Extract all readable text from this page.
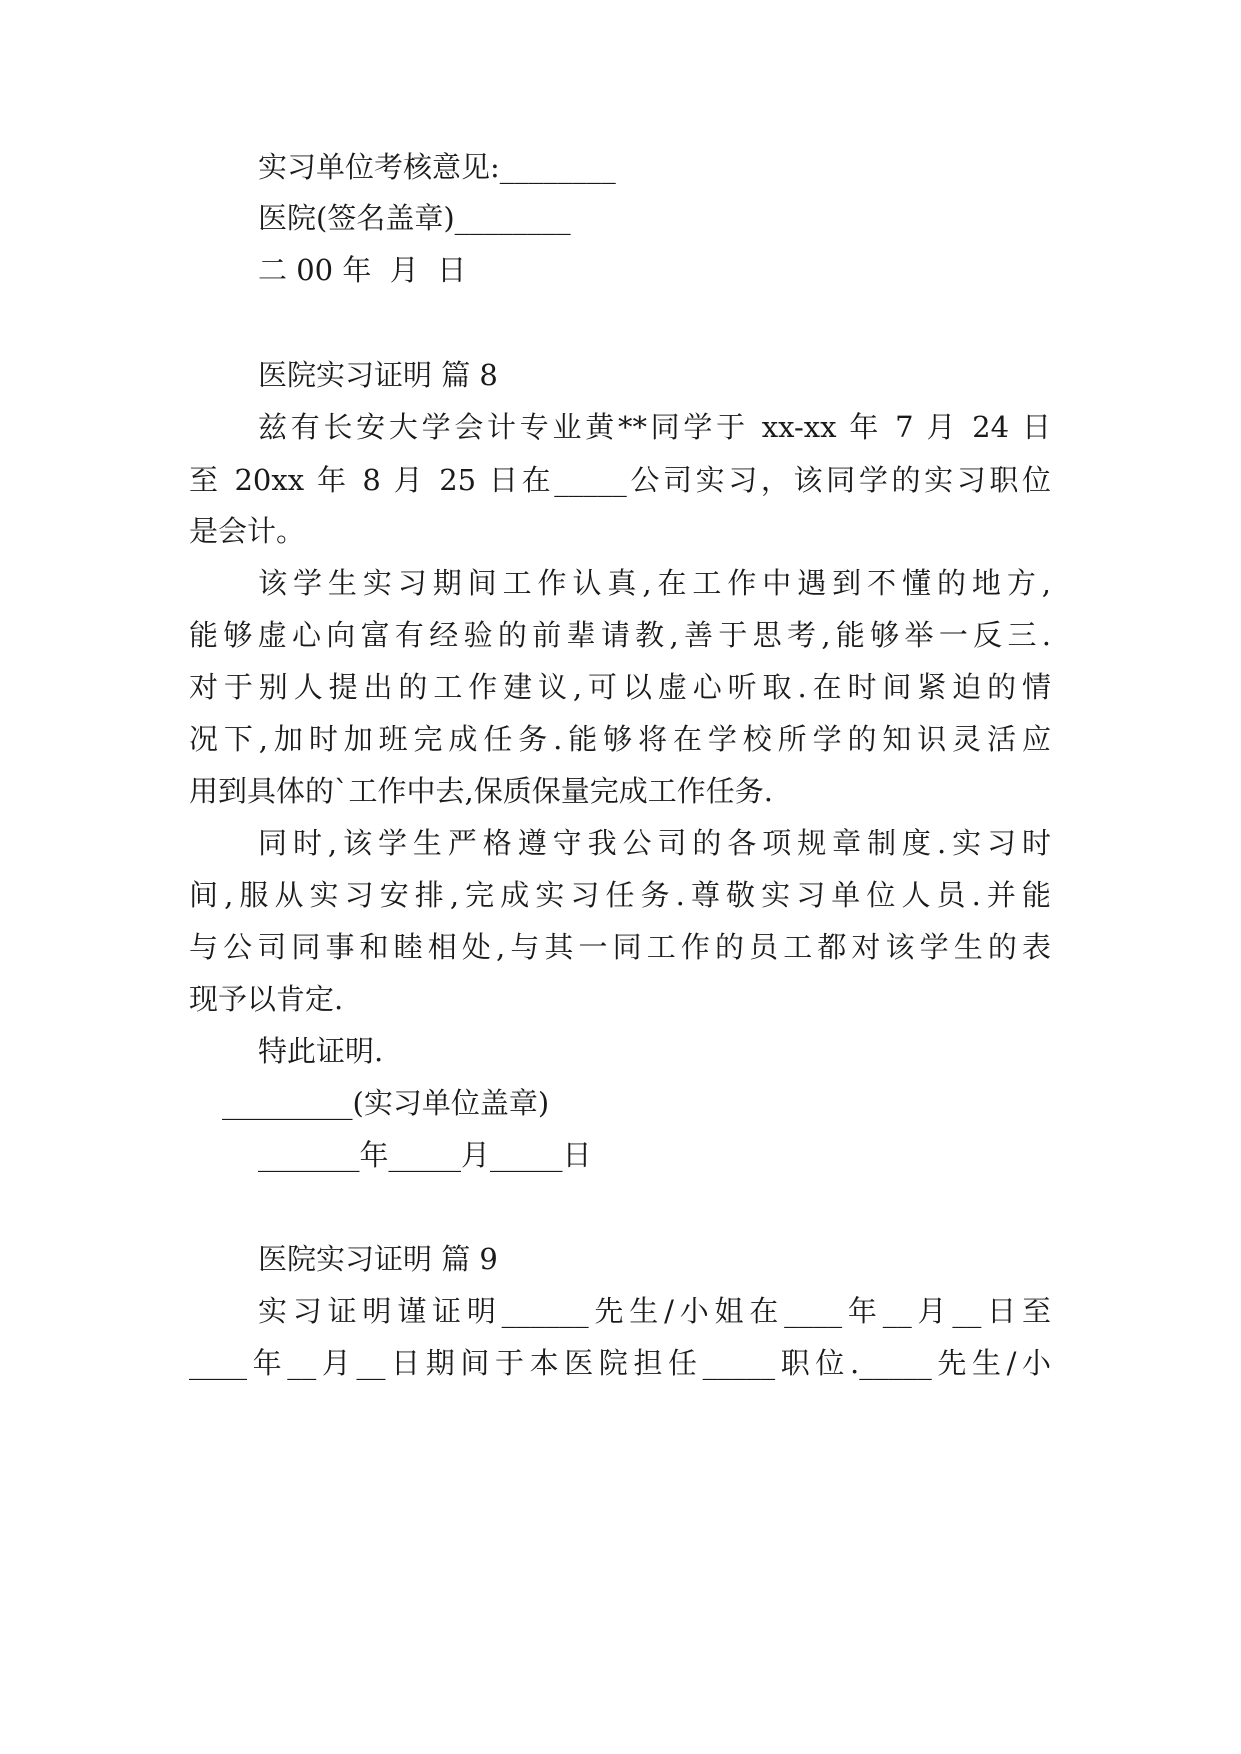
实习单位考核意见:________

医院(签名盖章)________

二 00 年  月  日

医院实习证明 篇 8

兹有长安大学会计专业黄**同学于 xx-xx 年 7 月 24 日

至 20xx 年 8 月 25 日在_____公司实习，该同学的实习职位

是会计。

该学生实习期间工作认真,在工作中遇到不懂的地方,

能够虚心向富有经验的前辈请教,善于思考,能够举一反三.

对于别人提出的工作建议,可以虚心听取.在时间紧迫的情

况下,加时加班完成任务.能够将在学校所学的知识灵活应

用到具体的`工作中去,保质保量完成工作任务.

同时,该学生严格遵守我公司的各项规章制度.实习时

间,服从实习安排,完成实习任务.尊敬实习单位人员.并能

与公司同事和睦相处,与其一同工作的员工都对该学生的表

现予以肯定.

特此证明.

_________(实习单位盖章)

_______年_____月_____日

医院实习证明 篇 9

实习证明谨证明______先生/小姐在____年__月__日至

____年__月__日期间于本医院担任_____职位._____先生/小
